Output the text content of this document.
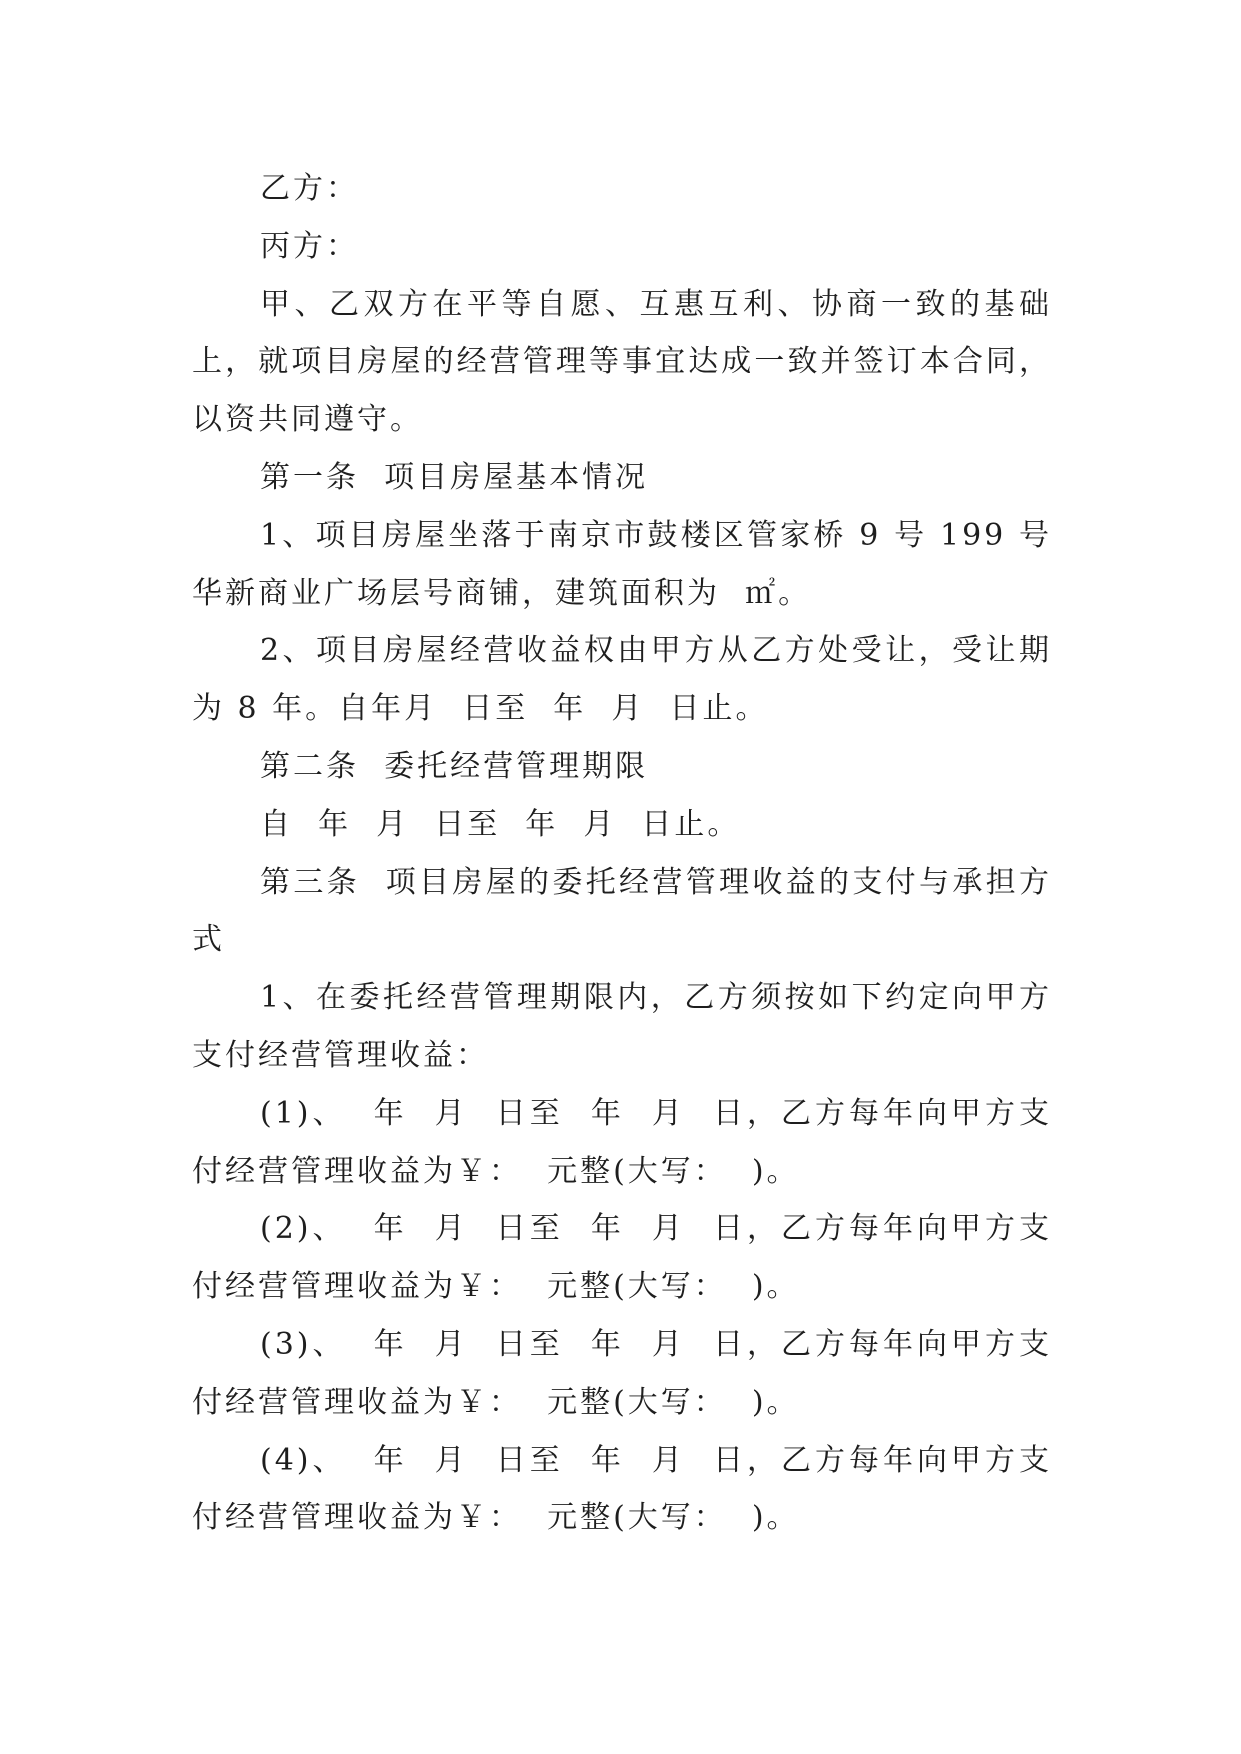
乙方：

丙方：

甲、乙双方在平等自愿、互惠互利、协商一致的基础上，就项目房屋的经营管理等事宜达成一致并签订本合同，以资共同遵守。

第一条  项目房屋基本情况

1、项目房屋坐落于南京市鼓楼区管家桥 9 号 199 号华新商业广场层号商铺，建筑面积为  ㎡。

2、项目房屋经营收益权由甲方从乙方处受让，受让期为 8 年。自年月  日至  年  月  日止。

第二条  委托经营管理期限

自  年  月  日至  年  月  日止。

第三条  项目房屋的委托经营管理收益的支付与承担方式

1、在委托经营管理期限内，乙方须按如下约定向甲方支付经营管理收益：

(1)、  年  月  日至  年  月  日，乙方每年向甲方支付经营管理收益为￥：  元整(大写：  )。

(2)、  年  月  日至  年  月  日，乙方每年向甲方支付经营管理收益为￥：  元整(大写：  )。

(3)、  年  月  日至  年  月  日，乙方每年向甲方支付经营管理收益为￥：  元整(大写：  )。

(4)、  年  月  日至  年  月  日，乙方每年向甲方支付经营管理收益为￥：  元整(大写：  )。
